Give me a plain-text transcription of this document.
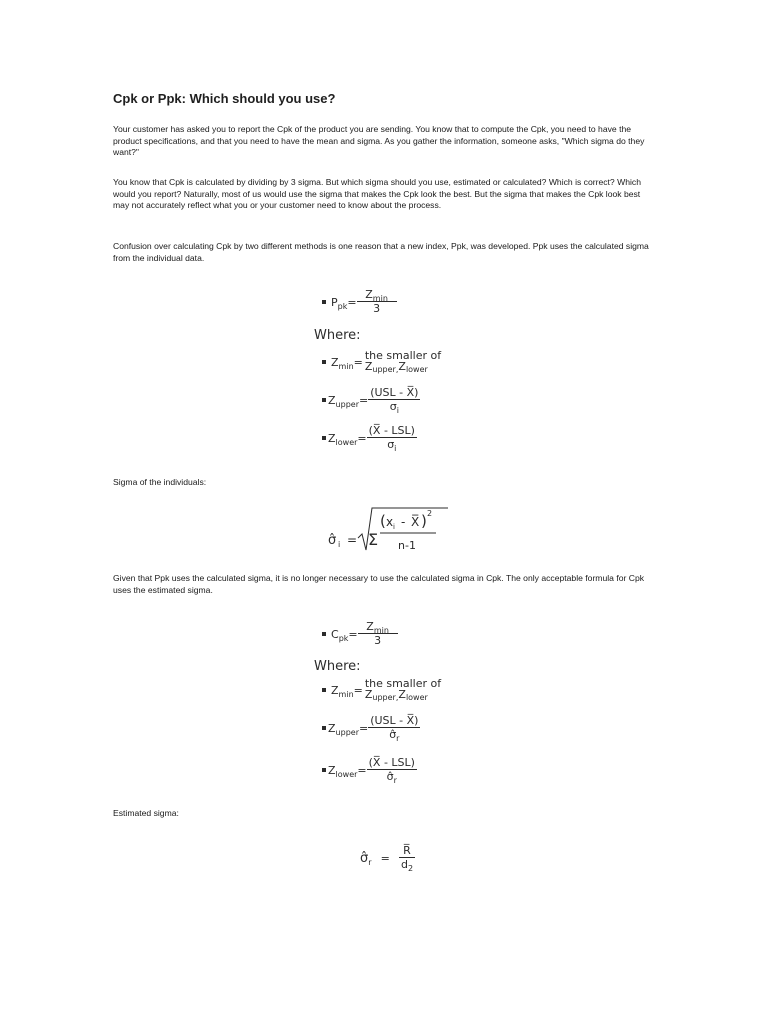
Cpk or Ppk: Which should you use?

Your customer has asked you to report the Cpk of the product you are sending. You know that to compute the Cpk, you need to have the product specifications, and that you need to have the mean and sigma. As you gather the information, someone asks, "Which sigma do they want?"

You know that Cpk is calculated by dividing by 3 sigma. But which sigma should you use, estimated or calculated? Which is correct? Which would you report? Naturally, most of us would use the sigma that makes the Cpk look the best. But the sigma that makes the Cpk look best may not accurately reflect what you or your customer need to know about the process.

Confusion over calculating Cpk by two different methods is one reason that a new index, Ppk, was developed. Ppk uses the calculated sigma from the individual data.

$Ppk= \frac{Z_{min}}{3}$
Where:
Zmin=
the smaller of
Zupper,Zlower
Zupper= $\frac{\text{(USL - X̅)}}{\sigma_i}$
Zlower= $\frac{\text{(X̅ - LSL)}}{\sigma_i}$
Sigma of the individuals:
σ̂ i = Σ
( x i - X̅ ) 2
n-1

Given that Ppk uses the calculated sigma, it is no longer necessary to use the calculated sigma in Cpk. The only acceptable formula for Cpk uses the estimated sigma.

$Cpk= \frac{Z_{min}}{3}$
Where:
Zmin=
the smaller of
Zupper,Zlower
Zupper= $\frac{\text{(USL - X̅)}}{\sigmâ_r}$
Zlower= $\frac{\text{(X̅ - LSL)}}{\sigmâ_r}$
Estimated sigma:
σ̂r = $\frac{R̅}{d_2}$
